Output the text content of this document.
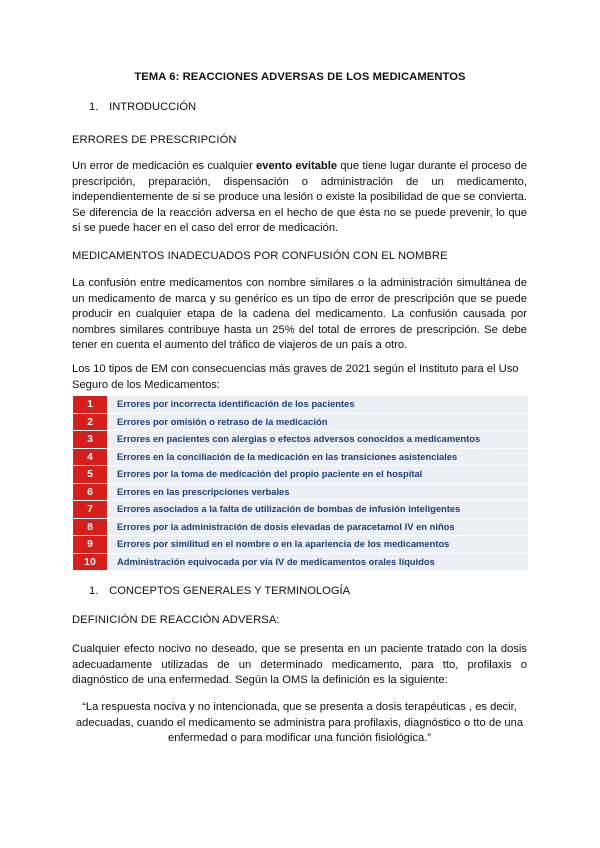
TEMA 6: REACCIONES ADVERSAS DE LOS MEDICAMENTOS
1. INTRODUCCIÓN
ERRORES DE PRESCRIPCIÓN
Un error de medicación es cualquier evento evitable que tiene lugar durante el proceso de prescripción, preparación, dispensación o administración de un medicamento, independientemente de si se produce una lesión o existe la posibilidad de que se convierta. Se diferencia de la reacción adversa en el hecho de que ésta no se puede prevenir, lo que sí se puede hacer en el caso del error de medicación.
MEDICAMENTOS INADECUADOS POR CONFUSIÓN CON EL NOMBRE
La confusión entre medicamentos con nombre similares o la administración simultánea de un medicamento de marca y su genérico es un tipo de error de prescripción que se puede producir en cualquier etapa de la cadena del medicamento. La confusión causada por nombres similares contribuye hasta un 25% del total de errores de prescripción. Se debe tener en cuenta el aumento del tráfico de viajeros de un país a otro.
Los 10 tipos de EM con consecuencias más graves de 2021 según el Instituto para el Uso Seguro de los Medicamentos:
1	Errores por incorrecta identificación de los pacientes
2	Errores por omisión o retraso de la medicación
3	Errores en pacientes con alergias o efectos adversos conocidos a medicamentos
4	Errores en la conciliación de la medicación en las transiciones asistenciales
5	Errores por la toma de medicación del propio paciente en el hospital
6	Errores en las prescripciones verbales
7	Errores asociados a la falta de utilización de bombas de infusión inteligentes
8	Errores por la administración de dosis elevadas de paracetamol IV en niños
9	Errores por similitud en el nombre o en la apariencia de los medicamentos
10	Administración equivocada por vía IV de medicamentos orales líquidos
1. CONCEPTOS GENERALES Y TERMINOLOGÍA
DEFINICIÓN DE REACCIÓN ADVERSA:
Cualquier efecto nocivo no deseado, que se presenta en un paciente tratado con la dosis adecuadamente utilizadas de un determinado medicamento, para tto, profilaxis o diagnóstico de una enfermedad. Según la OMS la definición es la siguiente:
“La respuesta nociva y no intencionada, que se presenta a dosis terapéuticas , es decir, adecuadas, cuando el medicamento se administra para profilaxis, diagnóstico o tto de una enfermedad o para modificar una función fisiológica.”
